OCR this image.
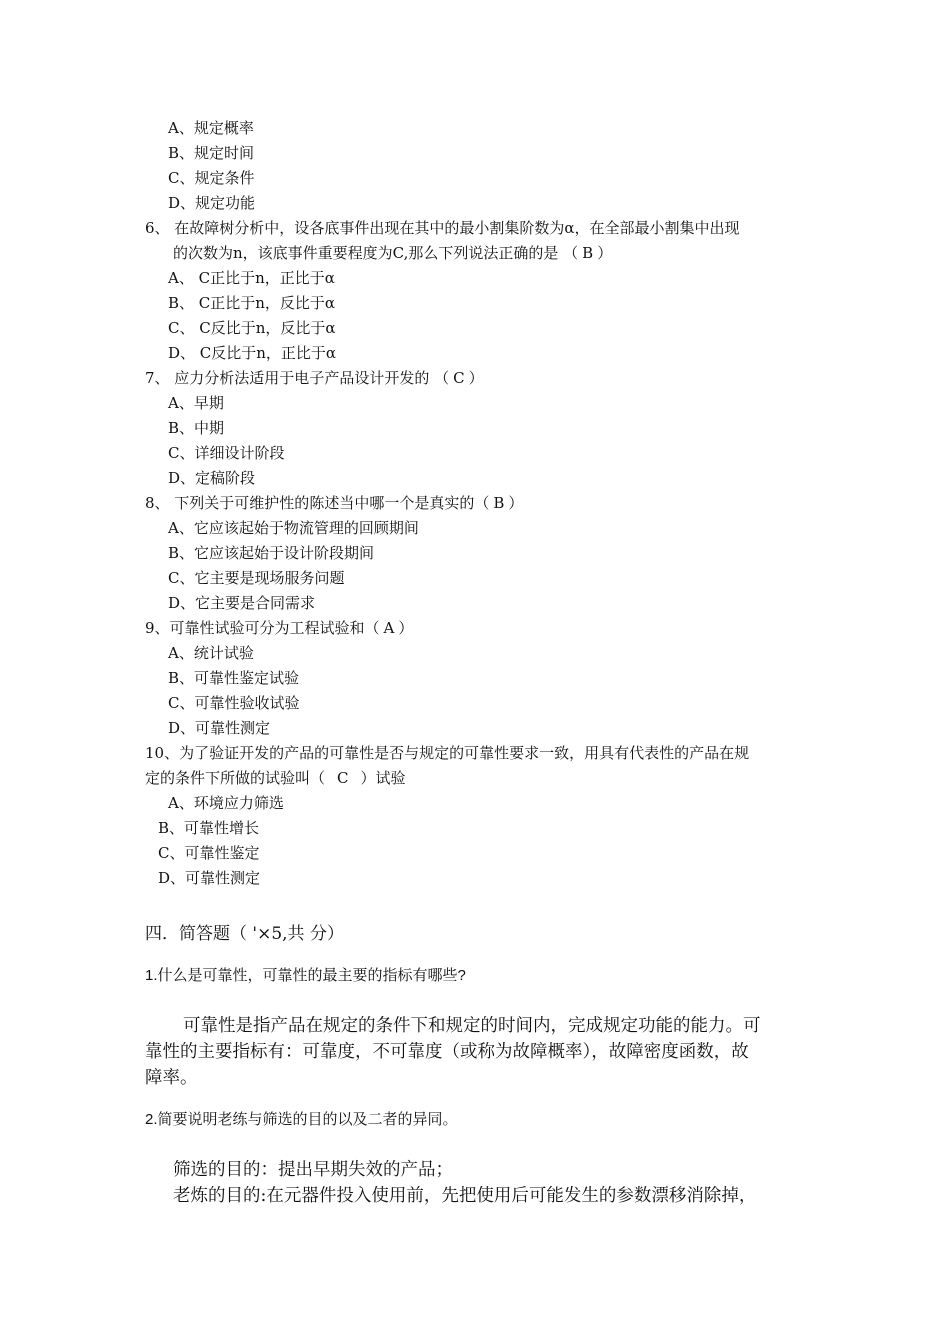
A、规定概率
B、规定时间
C、规定条件
D、规定功能
6、 在故障树分析中，设各底事件出现在其中的最小割集阶数为α，在全部最小割集中出现
的次数为n，该底事件重要程度为C,那么下列说法正确的是 （ B ）
A、 C正比于n，正比于α
B、 C正比于n，反比于α
C、 C反比于n，反比于α
D、 C反比于n，正比于α
7、 应力分析法适用于电子产品设计开发的 （ C ）
A、早期
B、中期
C、详细设计阶段
D、定稿阶段
8、 下列关于可维护性的陈述当中哪一个是真实的（ B ）
A、它应该起始于物流管理的回顾期间
B、它应该起始于设计阶段期间
C、它主要是现场服务问题
D、它主要是合同需求
9、可靠性试验可分为工程试验和（ A ）
A、统计试验
B、可靠性鉴定试验
C、可靠性验收试验
D、可靠性测定
10、为了验证开发的产品的可靠性是否与规定的可靠性要求一致，用具有代表性的产品在规
定的条件下所做的试验叫（ C ）试验
A、环境应力筛选
B、可靠性增长
C、可靠性鉴定
D、可靠性测定
四．简答题（ '×5,共 分）
1.什么是可靠性，可靠性的最主要的指标有哪些?
可靠性是指产品在规定的条件下和规定的时间内，完成规定功能的能力。可
靠性的主要指标有：可靠度，不可靠度（或称为故障概率），故障密度函数，故
障率。
2.简要说明老练与筛选的目的以及二者的异同。
筛选的目的：提出早期失效的产品；
老炼的目的:在元器件投入使用前，先把使用后可能发生的参数漂移消除掉，
